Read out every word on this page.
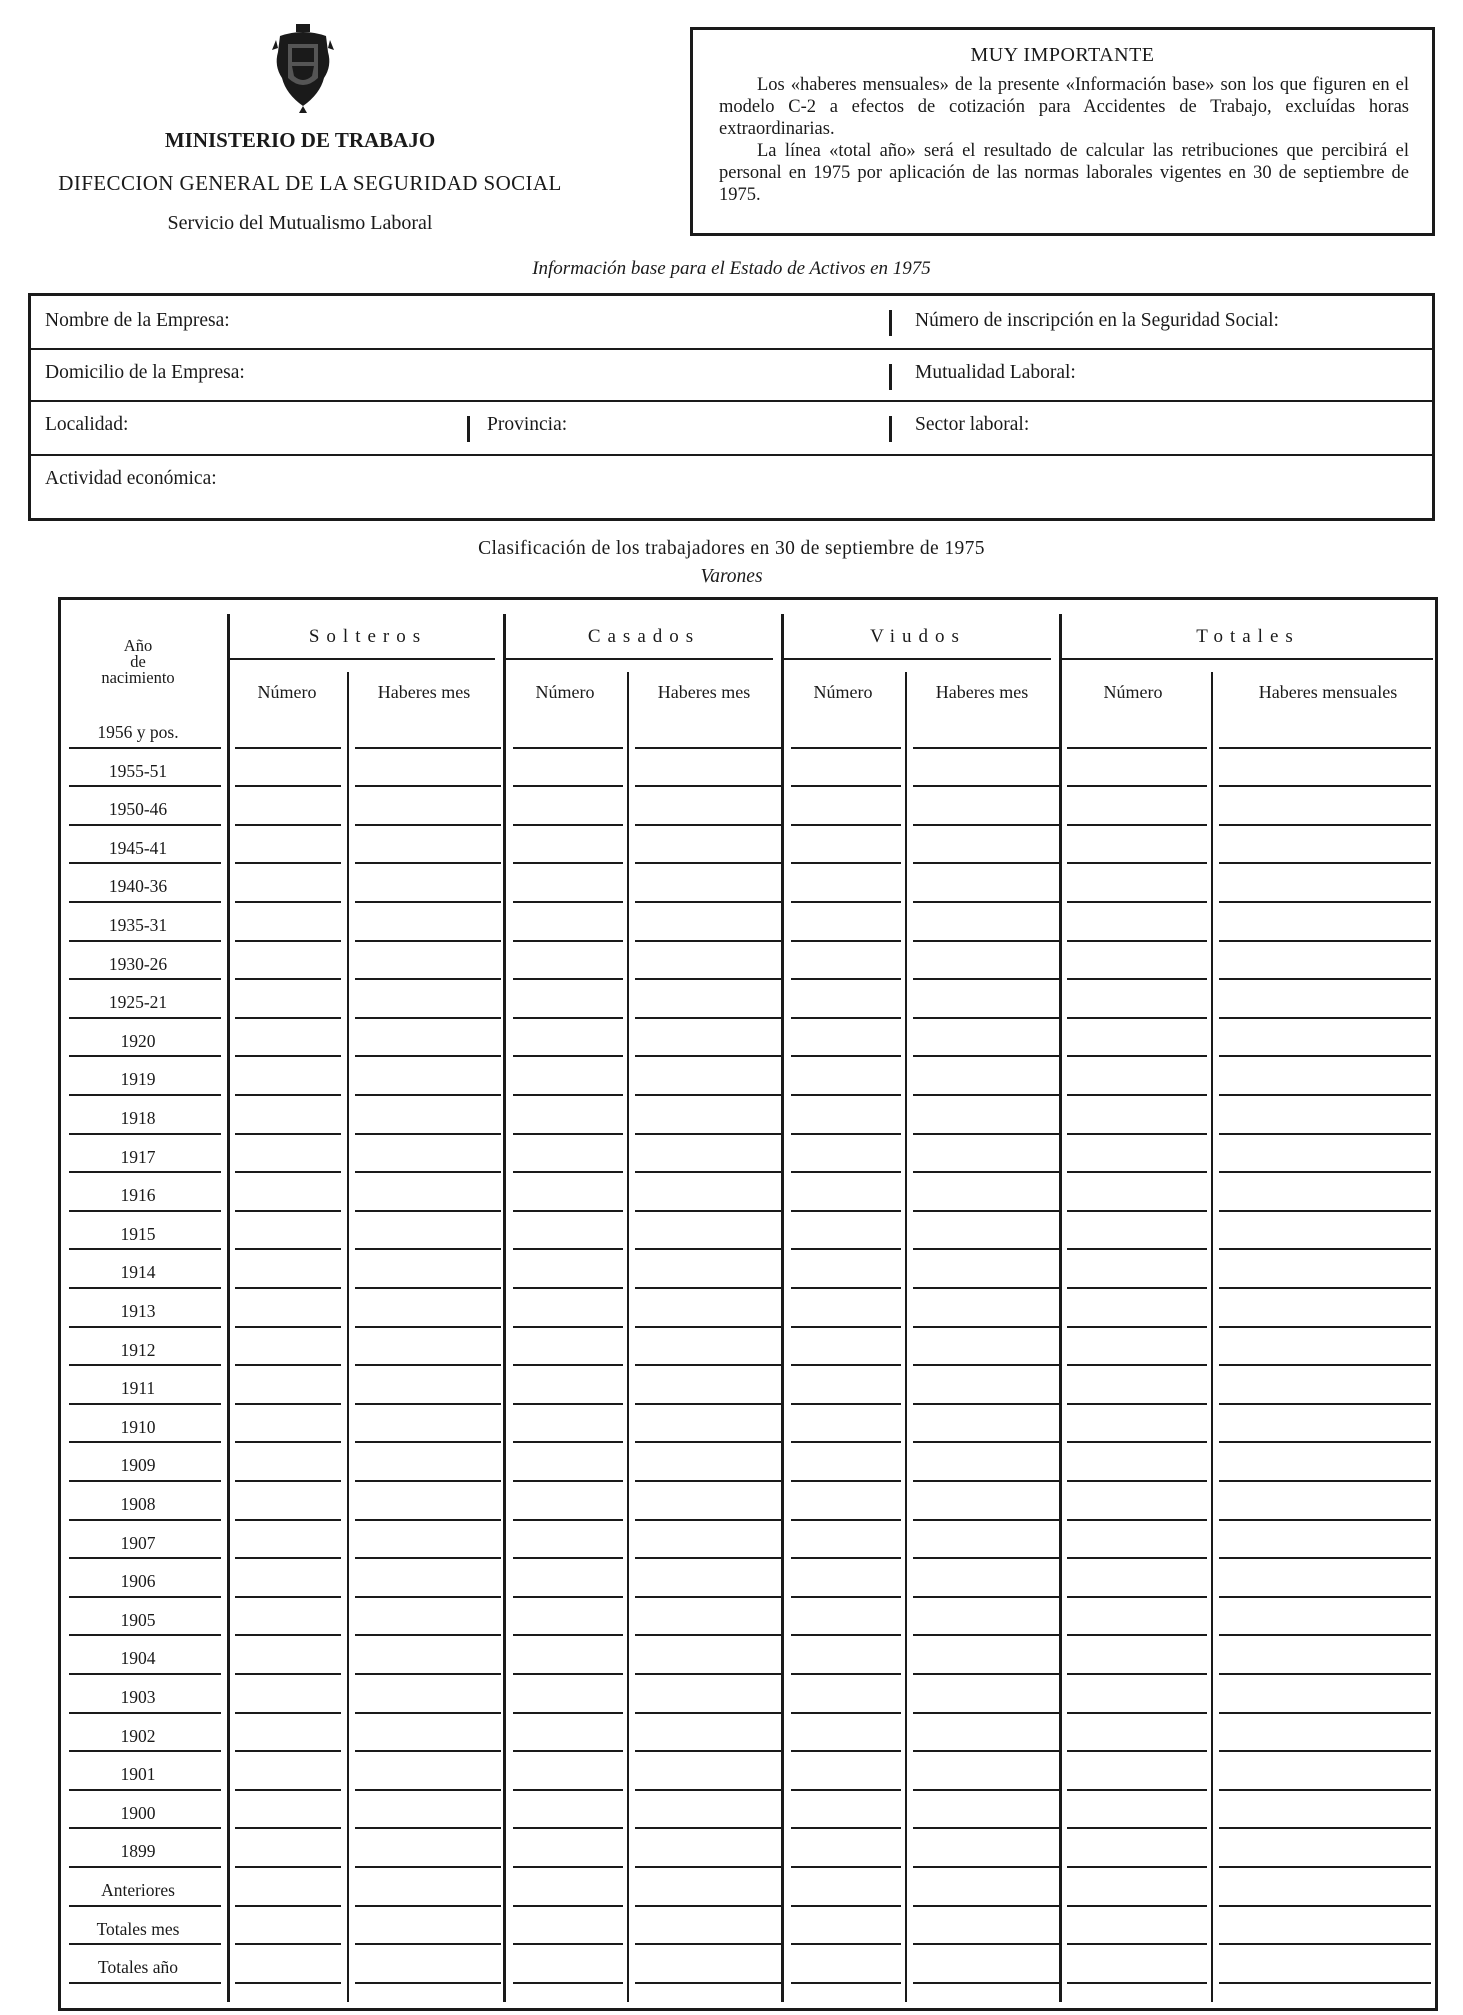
MINISTERIO DE TRABAJO
DIFECCION GENERAL DE LA SEGURIDAD SOCIAL
Servicio del Mutualismo Laboral
MUY IMPORTANTE

Los «haberes mensuales» de la presente «Información base» son los que figuren en el modelo C-2 a efectos de cotización para Accidentes de Trabajo, excluídas horas extraordinarias.

La línea «total año» será el resultado de calcular las retribuciones que percibirá el personal en 1975 por aplicación de las normas laborales vigentes en 30 de septiembre de 1975.

Información base para el Estado de Activos en 1975
Nombre de la Empresa:	Número de inscripción en la Seguridad Social:
Domicilio de la Empresa:	Mutualidad Laboral:
Localidad:	Provincia:	Sector laboral:
Actividad económica:
Clasificación de los trabajadores en 30 de septiembre de 1975
Varones
Año
de
nacimiento
Solteros	Casados	Viudos	Totales
Número	Haberes mes	Número	Haberes mes	Número	Haberes mes	Número	Haberes mensuales
1956 y pos.
1955-51
1950-46
1945-41
1940-36
1935-31
1930-26
1925-21
1920
1919
1918
1917
1916
1915
1914
1913
1912
1911
1910
1909
1908
1907
1906
1905
1904
1903
1902
1901
1900
1899
Anteriores
Totales mes
Totales año
